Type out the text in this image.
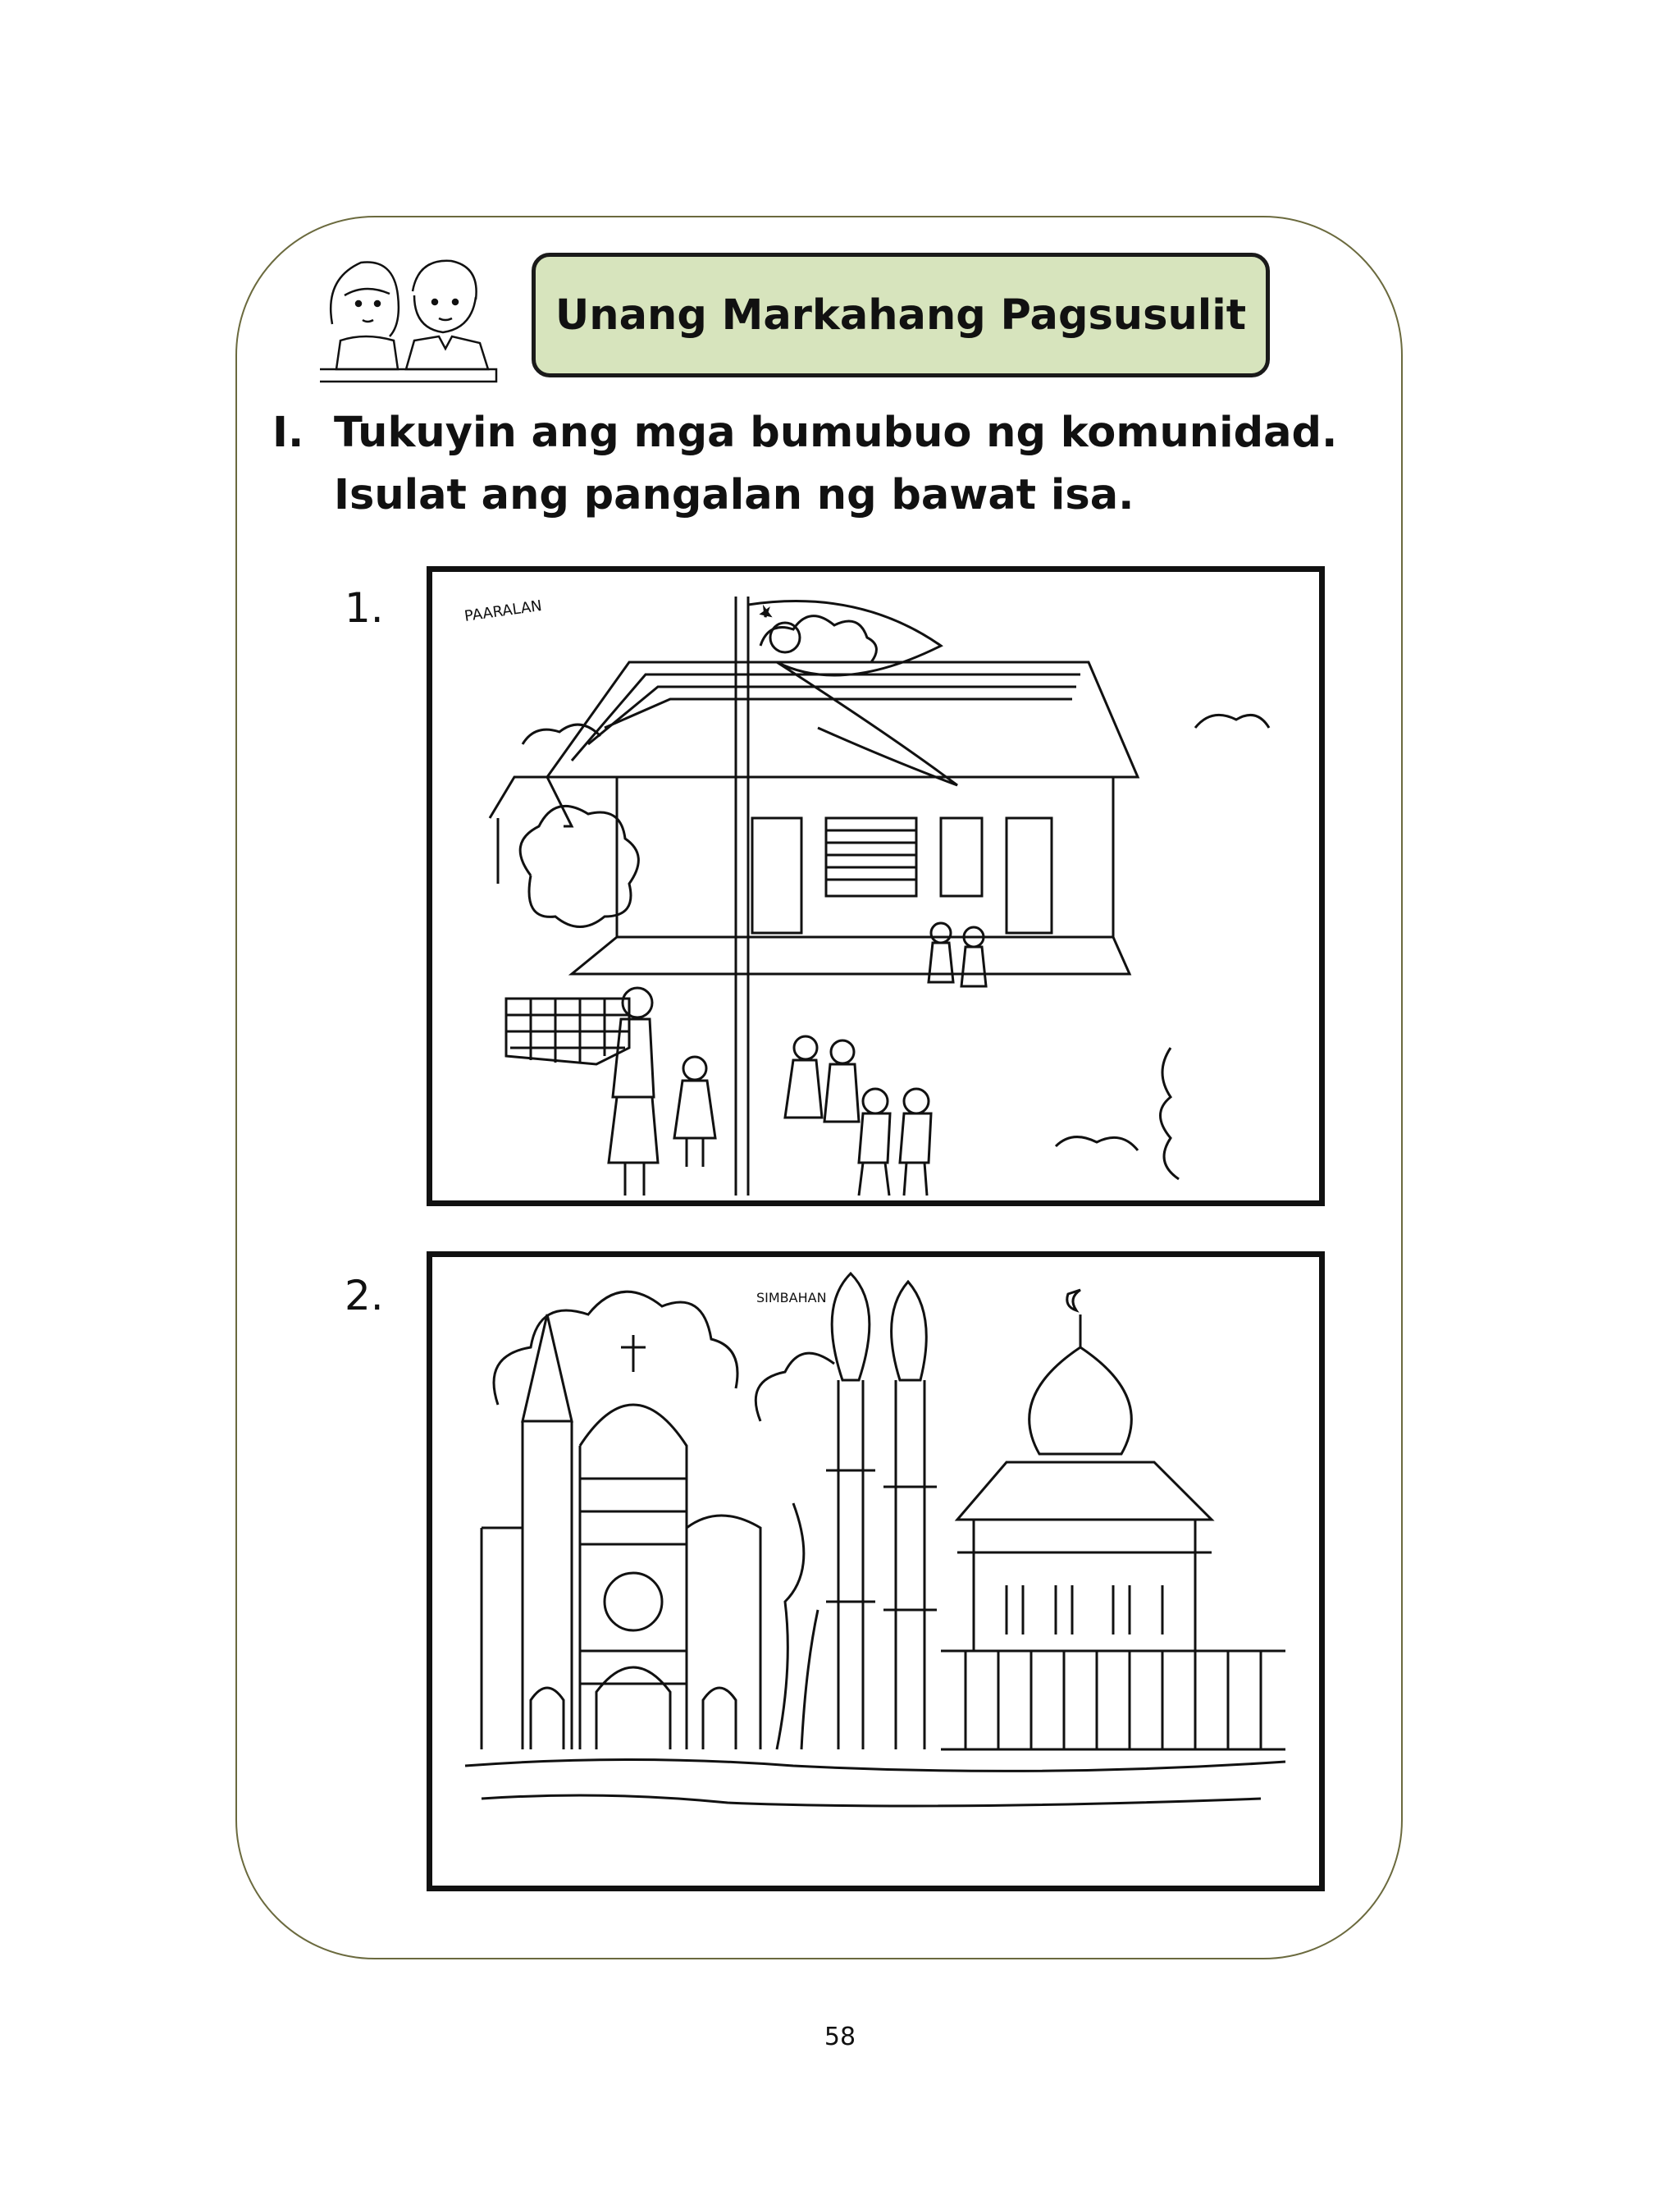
Unang Markahang Pagsusulit
I. Tukuyin ang mga bumubuo ng komunidad.
Isulat ang pangalan ng bawat isa.
1.	PAARALAN
2.	SIMBAHAN
58
